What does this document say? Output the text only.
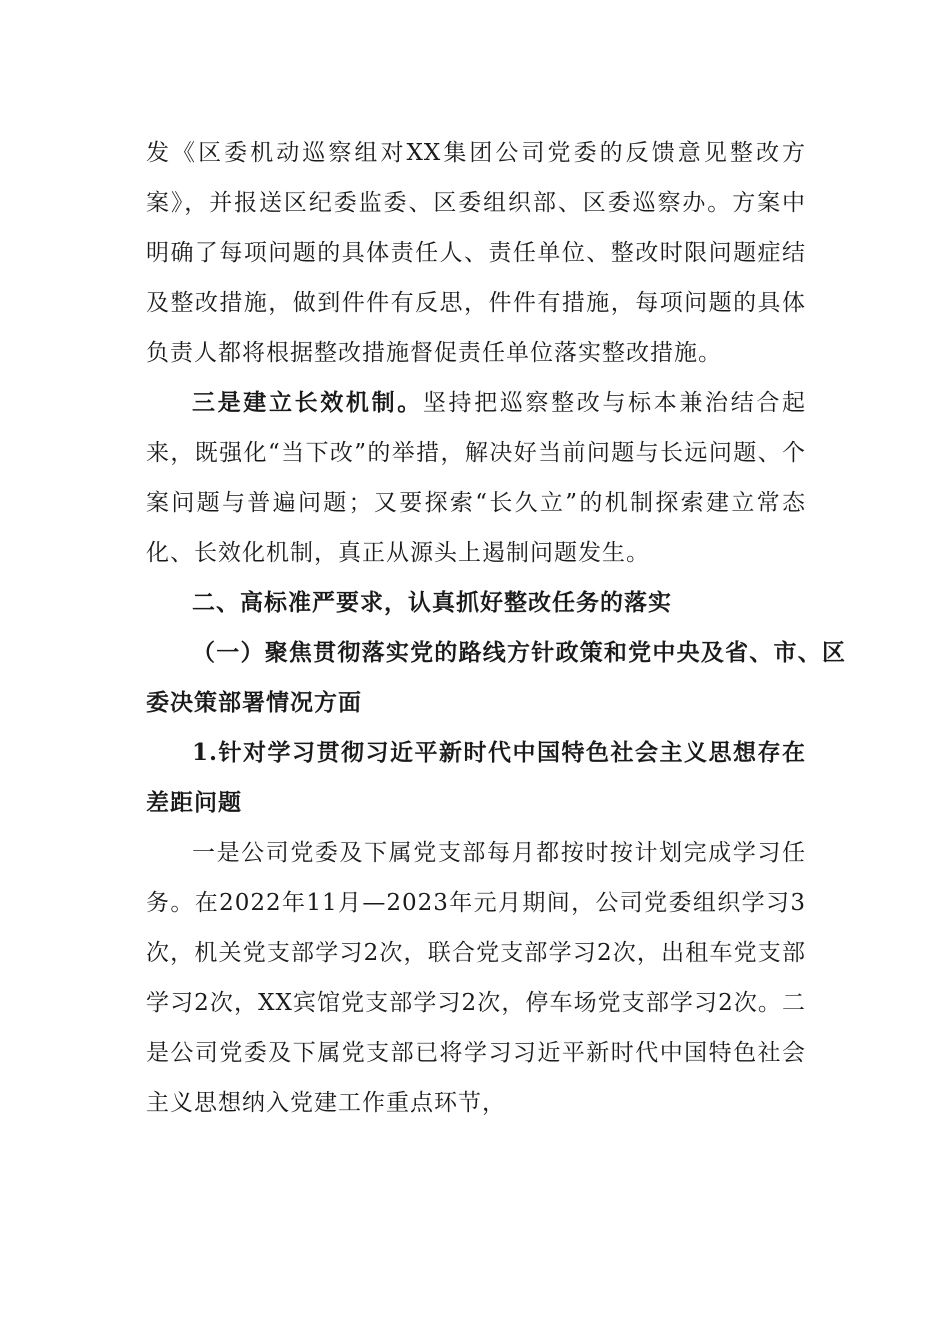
发《区委机动巡察组对XX集团公司党委的反馈意见整改方案》，并报送区纪委监委、区委组织部、区委巡察办。方案中明确了每项问题的具体责任人、责任单位、整改时限问题症结及整改措施，做到件件有反思，件件有措施，每项问题的具体负责人都将根据整改措施督促责任单位落实整改措施。

三是建立长效机制。坚持把巡察整改与标本兼治结合起来，既强化“当下改”的举措，解决好当前问题与长远问题、个案问题与普遍问题；又要探索“长久立”的机制探索建立常态化、长效化机制，真正从源头上遏制问题发生。

二、高标准严要求，认真抓好整改任务的落实

（一）聚焦贯彻落实党的路线方针政策和党中央及省、市、区委决策部署情况方面

1.针对学习贯彻习近平新时代中国特色社会主义思想存在差距问题

一是公司党委及下属党支部每月都按时按计划完成学习任务。在2022年11月—2023年元月期间，公司党委组织学习3次，机关党支部学习2次，联合党支部学习2次，出租车党支部学习2次，XX宾馆党支部学习2次，停车场党支部学习2次。二是公司党委及下属党支部已将学习习近平新时代中国特色社会主义思想纳入党建工作重点环节，
